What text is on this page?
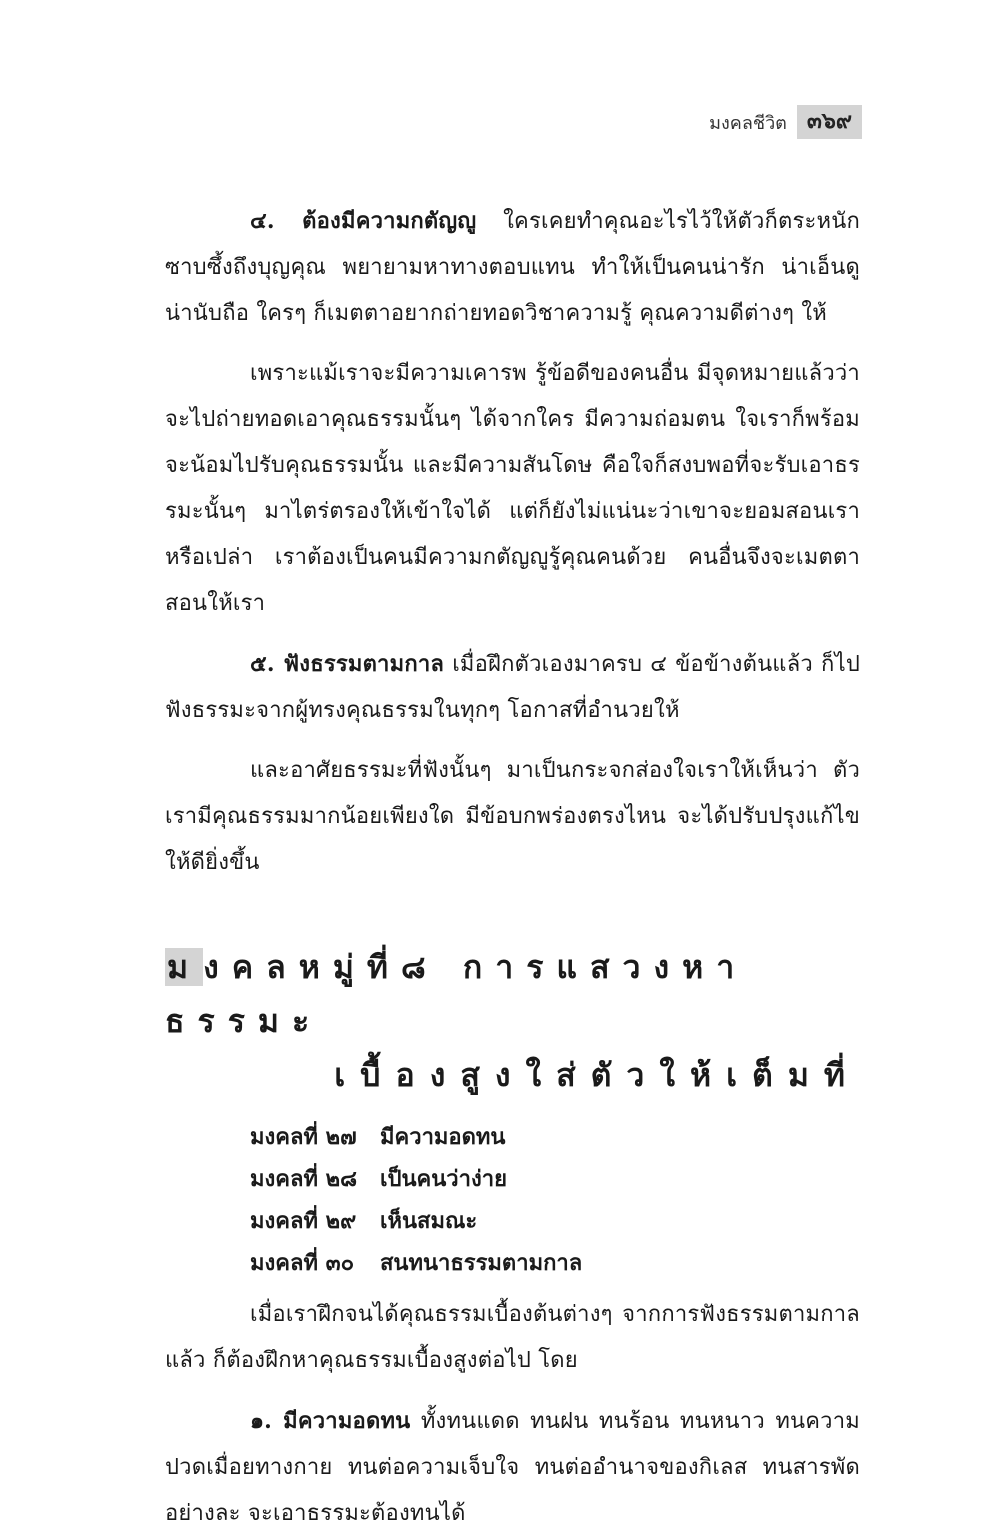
มงคลชีวิต ๓๖๙

๔. ต้องมีความกตัญญู ใครเคยทำคุณอะไรไว้ให้ตัวก็ตระหนักซาบซึ้งถึงบุญคุณ พยายามหาทางตอบแทน ทำให้เป็นคนน่ารัก น่าเอ็นดู น่านับถือ ใครๆ ก็เมตตาอยากถ่ายทอดวิชาความรู้ คุณความดีต่างๆ ให้

เพราะแม้เราจะมีความเคารพ รู้ข้อดีของคนอื่น มีจุดหมายแล้วว่าจะไปถ่ายทอดเอาคุณธรรมนั้นๆ ได้จากใคร มีความถ่อมตน ใจเราก็พร้อมจะน้อมไปรับคุณธรรมนั้น และมีความสันโดษ คือใจก็สงบพอที่จะรับเอาธรรมะนั้นๆ มาไตร่ตรองให้เข้าใจได้ แต่ก็ยังไม่แน่นะว่าเขาจะยอมสอนเราหรือเปล่า เราต้องเป็นคนมีความกตัญญูรู้คุณคนด้วย คนอื่นจึงจะเมตตาสอนให้เรา

๕. ฟังธรรมตามกาล เมื่อฝึกตัวเองมาครบ ๔ ข้อข้างต้นแล้ว ก็ไปฟังธรรมะจากผู้ทรงคุณธรรมในทุกๆ โอกาสที่อำนวยให้

และอาศัยธรรมะที่ฟังนั้นๆ มาเป็นกระจกส่องใจเราให้เห็นว่า ตัวเรามีคุณธรรมมากน้อยเพียงใด มีข้อบกพร่องตรงไหน จะได้ปรับปรุงแก้ไขให้ดียิ่งขึ้น

มงคลหมู่ที่๘ การแสวงหาธรรมะ
เบื้องสูงใส่ตัวให้เต็มที่
มงคลที่ ๒๗ มีความอดทน
มงคลที่ ๒๘ เป็นคนว่าง่าย
มงคลที่ ๒๙ เห็นสมณะ
มงคลที่ ๓๐ สนทนาธรรมตามกาล

เมื่อเราฝึกจนได้คุณธรรมเบื้องต้นต่างๆ จากการฟังธรรมตามกาลแล้ว ก็ต้องฝึกหาคุณธรรมเบื้องสูงต่อไป โดย

๑. มีความอดทน ทั้งทนแดด ทนฝน ทนร้อน ทนหนาว ทนความปวดเมื่อยทางกาย ทนต่อความเจ็บใจ ทนต่ออำนาจของกิเลส ทนสารพัดอย่างละ จะเอาธรรมะต้องทนได้
